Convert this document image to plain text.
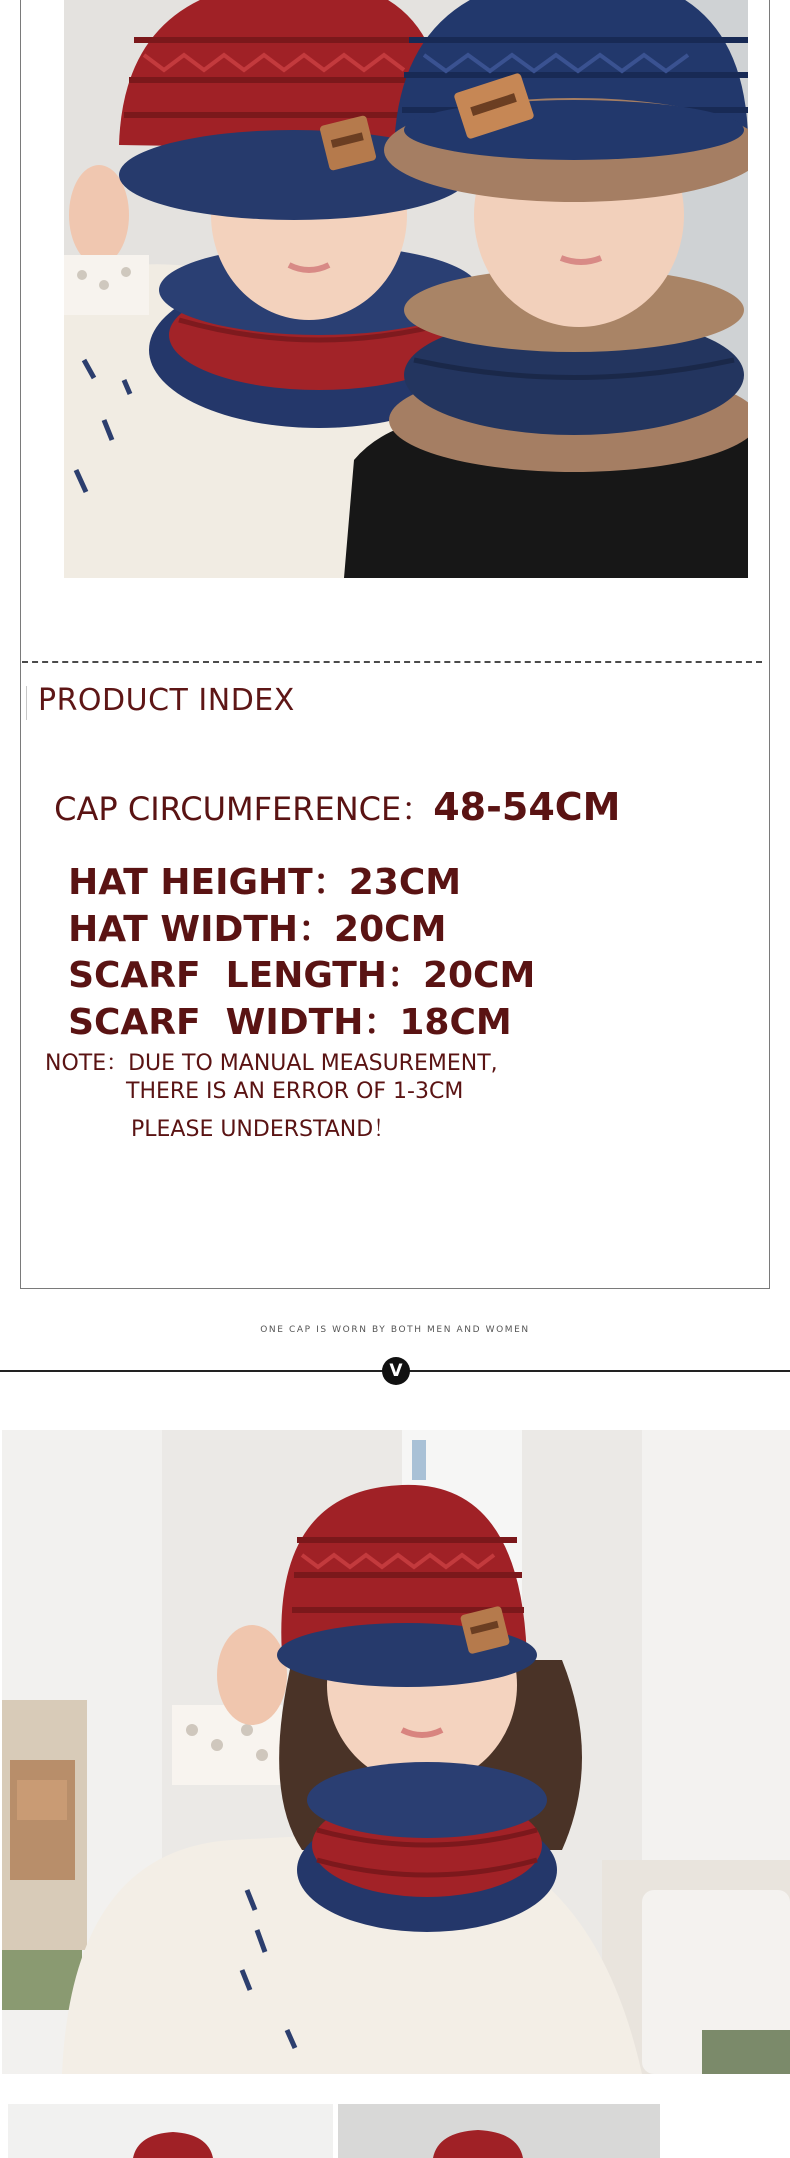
PRODUCT INDEX

CAP CIRCUMFERENCE：48-54CM

HAT HEIGHT：23CM

HAT WIDTH：20CM

SCARF  LENGTH：20CM

SCARF  WIDTH：18CM

NOTE：DUE TO MANUAL MEASUREMENT,
THERE IS AN ERROR OF 1-3CM
PLEASE UNDERSTAND！
ONE CAP IS WORN BY BOTH MEN AND WOMEN
V
